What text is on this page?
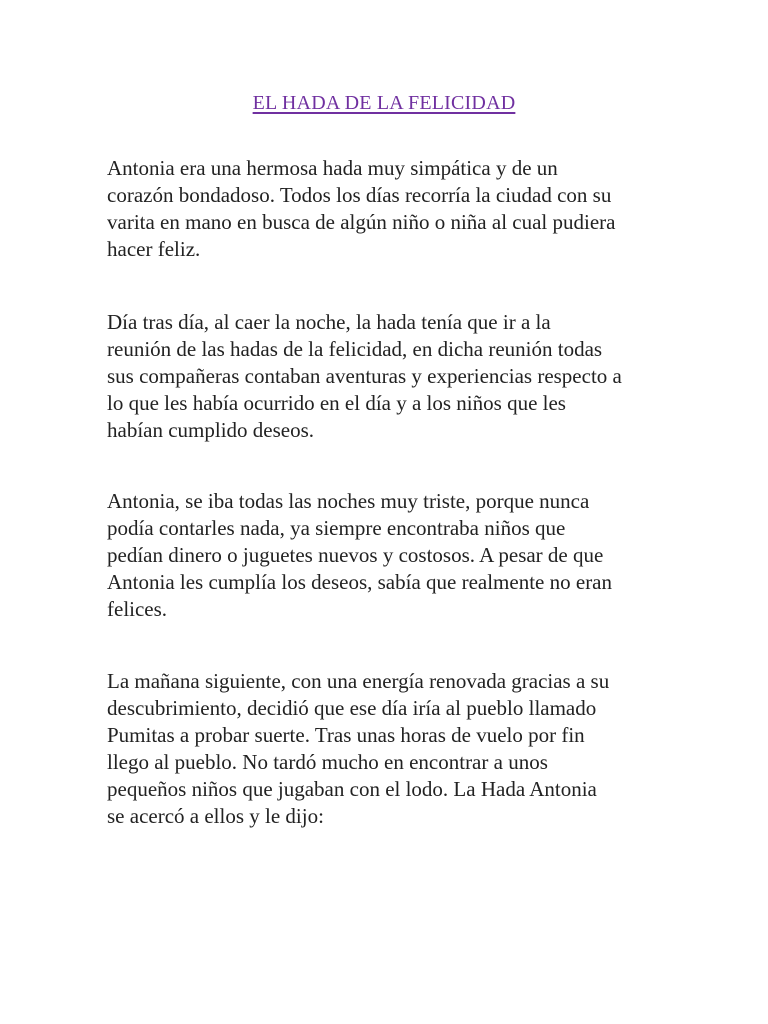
EL HADA DE LA FELICIDAD

Antonia era una hermosa hada muy simpática y de un
corazón bondadoso. Todos los días recorría la ciudad con su
varita en mano en busca de algún niño o niña al cual pudiera
hacer feliz.

Día tras día, al caer la noche, la hada tenía que ir a la
reunión de las hadas de la felicidad, en dicha reunión todas
sus compañeras contaban aventuras y experiencias respecto a
lo que les había ocurrido en el día y a los niños que les
habían cumplido deseos.

Antonia, se iba todas las noches muy triste, porque nunca
podía contarles nada, ya siempre encontraba niños que
pedían dinero o juguetes nuevos y costosos. A pesar de que
Antonia les cumplía los deseos, sabía que realmente no eran
felices.

La mañana siguiente, con una energía renovada gracias a su
descubrimiento, decidió que ese día iría al pueblo llamado
Pumitas a probar suerte. Tras unas horas de vuelo por fin
llego al pueblo. No tardó mucho en encontrar a unos
pequeños niños que jugaban con el lodo. La Hada Antonia
se acercó a ellos y le dijo:
